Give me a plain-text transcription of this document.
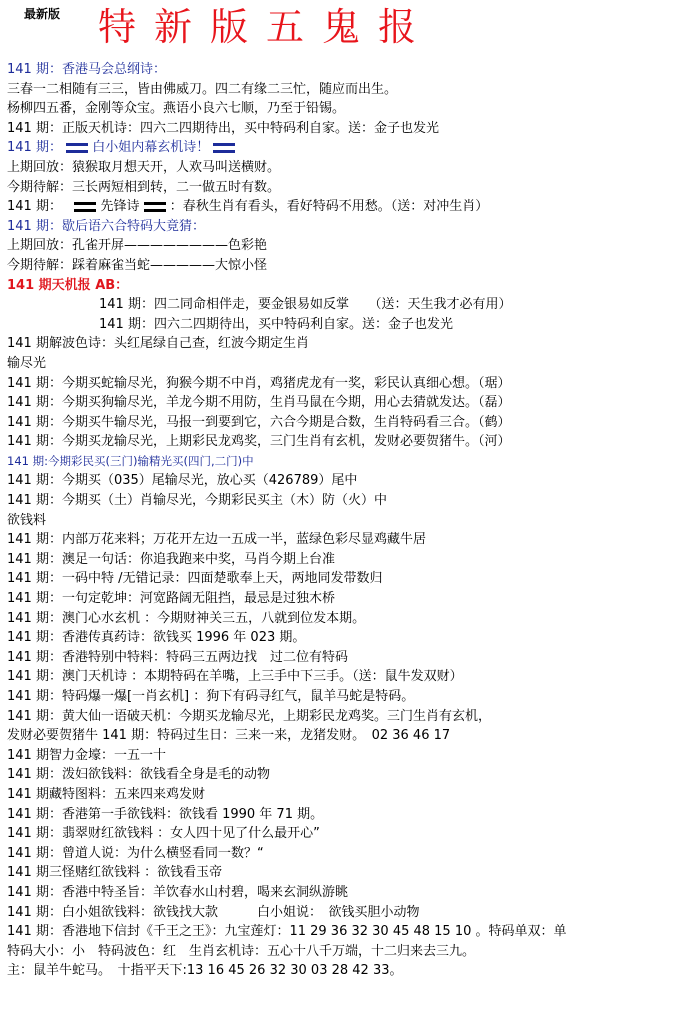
最新版 特新版五鬼报
141 期：香港马会总纲诗：
三春一二相随有三三，皆由佛威刀。四二有缘二三忙，随应而出生。
杨柳四五番，金刚等众宝。燕语小良六七顺，乃至于铅锡。
141 期：正版天机诗：四六二四期待出，买中特码利自家。送：金子也发光
141 期： 白小姐内幕玄机诗！
上期回放：猿猴取月想天开，人欢马叫送横财。
今期待解：三长两短相到转，二一做五时有数。
141 期：	先锋诗 ：春秋生肖有看头，看好特码不用愁。（送：对冲生肖）
141 期：歇后语六合特码大竟猜：
上期回放：孔雀开屏————————色彩艳
今期待解：踩着麻雀当蛇—————大惊小怪
141 期天机报 AB：
141 期：四二同命相伴走，要金银易如反掌　　（送：天生我才必有用）
141 期：四六二四期待出，买中特码利自家。送：金子也发光
141 期解波色诗：头红尾绿自己查，红波今期定生肖
输尽光
141 期：今期买蛇输尽光，狗猴今期不中肖，鸡猪虎龙有一奖，彩民认真细心想。（琚）
141 期：今期买狗输尽光，羊龙今期不用防，生肖马鼠在今期，用心去猜就发达。（磊）
141 期：今期买牛输尽光，马报一到要到它，六合今期是合数，生肖特码看三合。（鹤）
141 期：今期买龙输尽光，上期彩民龙鸡奖，三门生肖有玄机，发财必要贺猪牛。（河）
141 期:今期彩民买(三门)输精光买(四门,二门)中
141 期：今期买（035）尾输尽光，放心买（426789）尾中
141 期：今期买（土）肖输尽光，今期彩民买主（木）防（火）中
欲钱料
141 期：内部万花来料；万花开左边一五成一半，蓝绿色彩尽显鸡藏牛居
141 期：澳足一句话：你追我跑来中奖，马肖今期上台准
141 期：一码中特 /无错记录：四面楚歌奉上天，两地同发带数归
141 期：一句定乾坤：河宽路阔无阻挡，最忌是过独木桥
141 期：澳门心水玄机 ：今期财神关三五，八就到位发本期。
141 期：香港传真药诗：欲钱买 1996 年 023 期。
141 期：香港特别中特料：特码三五两边找　过二位有特码
141 期：澳门天机诗 ：本期特码在羊嘴，上三手中下三手。（送：鼠牛发双财）
141 期：特码爆一爆[一肖玄机] ：狗下有码寻红气，鼠羊马蛇是特码。
141 期：黄大仙一语破天机：今期买龙输尽光，上期彩民龙鸡奖。三门生肖有玄机，
发财必要贺猪牛 141 期：特码过生日：三来一来，龙猪发财。　02 36 46 17
141 期智力金壕：一五一十
141 期：泼妇欲钱料：欲钱看全身是毛的动物
141 期藏特图料：五来四来鸡发财
141 期：香港第一手欲钱料：欲钱看 1990 年 71 期。
141 期：翡翠财红欲钱料 ：女人四十见了什么最开心”
141 期：曾道人说：为什么横竖看同一数？“
141 期三怪赌红欲钱料 ：欲钱看玉帝
141 期：香港中特圣旨：羊饮春水山村碧，喝来玄洞纵游眺
141 期：白小姐欲钱料：欲钱找大款　　　白小姐说：　欲钱买胆小动物
141 期：香港地下信封《千王之王》：九宝莲灯：11 29 36 32 30 45 48 15 10 。特码单双：单
特码大小：小　特码波色：红　生肖玄机诗：五心十八千万端，十二归来去三九。
主：鼠羊牛蛇马。　十指平天下:13 16 45 26 32 30 03 28 42 33。
